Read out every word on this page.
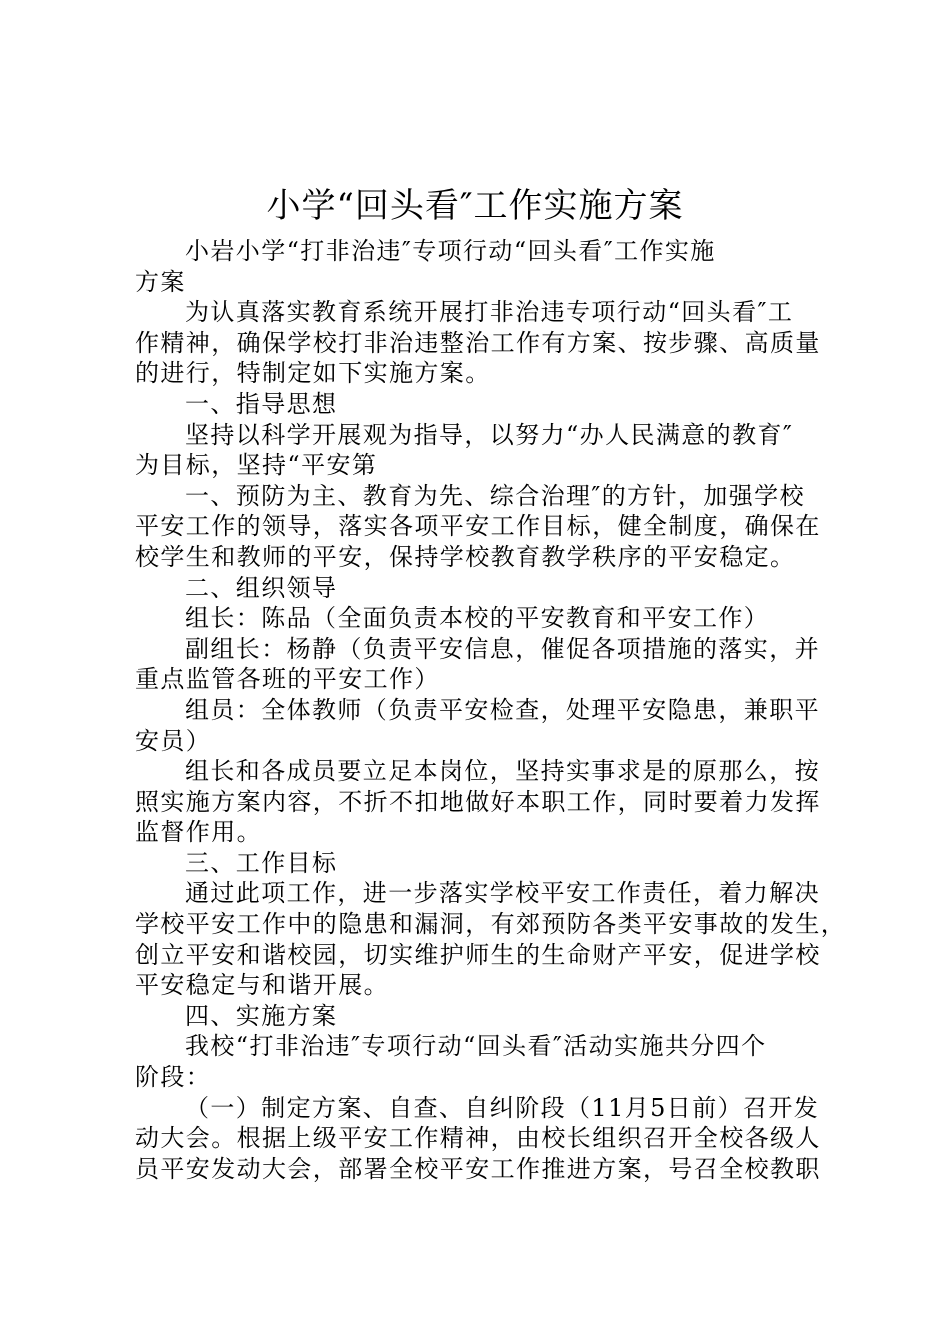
小学“回头看″工作实施方案
小岩小学“打非治违″专项行动“回头看″工作实施
方案
为认真落实教育系统开展打非治违专项行动“回头看″工
作精神，确保学校打非治违整治工作有方案、按步骤、高质量
的进行，特制定如下实施方案。
一、指导思想
坚持以科学开展观为指导，以努力“办人民满意的教育″
为目标，坚持“平安第
一、预防为主、教育为先、综合治理″的方针，加强学校
平安工作的领导，落实各项平安工作目标，健全制度，确保在
校学生和教师的平安，保持学校教育教学秩序的平安稳定。
二、组织领导
组长：陈品（全面负责本校的平安教育和平安工作）
副组长：杨静（负责平安信息，催促各项措施的落实，并
重点监管各班的平安工作）
组员：全体教师（负责平安检查，处理平安隐患，兼职平
安员）
组长和各成员要立足本岗位，坚持实事求是的原那么，按
照实施方案内容，不折不扣地做好本职工作，同时要着力发挥
监督作用。
三、工作目标
通过此项工作，进一步落实学校平安工作责任，着力解决
学校平安工作中的隐患和漏洞，有郊预防各类平安事故的发生，
创立平安和谐校园，切实维护师生的生命财产平安，促进学校
平安稳定与和谐开展。
四、实施方案
我校“打非治违″专项行动“回头看″活动实施共分四个
阶段：
（一）制定方案、自查、自纠阶段（11月5日前）召开发
动大会。根据上级平安工作精神，由校长组织召开全校各级人
员平安发动大会，部署全校平安工作推进方案，号召全校教职
